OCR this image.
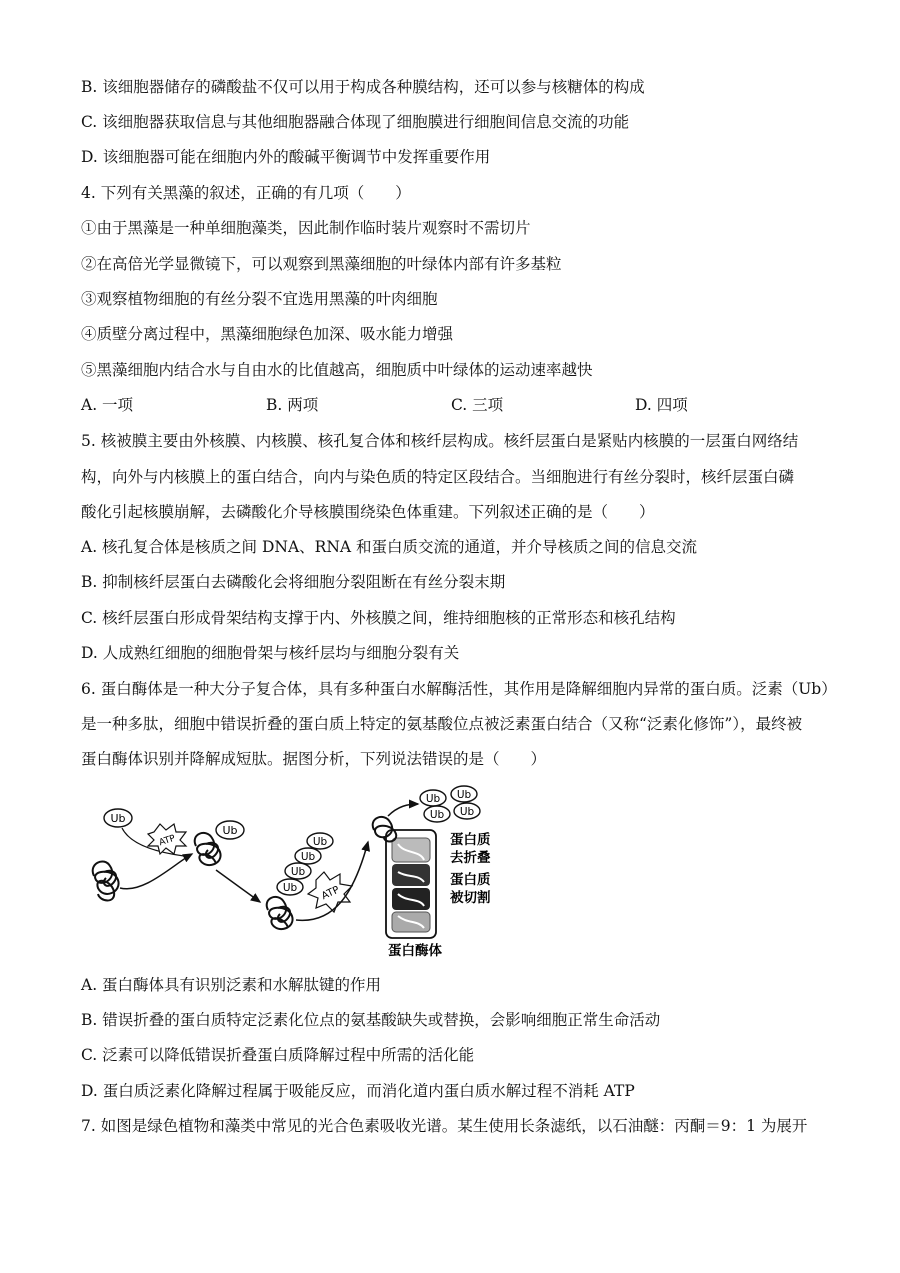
B. 该细胞器储存的磷酸盐不仅可以用于构成各种膜结构，还可以参与核糖体的构成
C. 该细胞器获取信息与其他细胞器融合体现了细胞膜进行细胞间信息交流的功能
D. 该细胞器可能在细胞内外的酸碱平衡调节中发挥重要作用
4. 下列有关黑藻的叙述，正确的有几项（　　）
①由于黑藻是一种单细胞藻类，因此制作临时装片观察时不需切片
②在高倍光学显微镜下，可以观察到黑藻细胞的叶绿体内部有许多基粒
③观察植物细胞的有丝分裂不宜选用黑藻的叶肉细胞
④质壁分离过程中，黑藻细胞绿色加深、吸水能力增强
⑤黑藻细胞内结合水与自由水的比值越高，细胞质中叶绿体的运动速率越快
A. 一项	B. 两项	C. 三项	D. 四项
5. 核被膜主要由外核膜、内核膜、核孔复合体和核纤层构成。核纤层蛋白是紧贴内核膜的一层蛋白网络结
构，向外与内核膜上的蛋白结合，向内与染色质的特定区段结合。当细胞进行有丝分裂时，核纤层蛋白磷
酸化引起核膜崩解，去磷酸化介导核膜围绕染色体重建。下列叙述正确的是（　　）
A. 核孔复合体是核质之间 DNA、RNA 和蛋白质交流的通道，并介导核质之间的信息交流
B. 抑制核纤层蛋白去磷酸化会将细胞分裂阻断在有丝分裂末期
C. 核纤层蛋白形成骨架结构支撑于内、外核膜之间，维持细胞核的正常形态和核孔结构
D. 人成熟红细胞的细胞骨架与核纤层均与细胞分裂有关
6. 蛋白酶体是一种大分子复合体，具有多种蛋白水解酶活性，其作用是降解细胞内异常的蛋白质。泛素（Ub）
是一种多肽，细胞中错误折叠的蛋白质上特定的氨基酸位点被泛素蛋白结合（又称“泛素化修饰”），最终被
蛋白酶体识别并降解成短肽。据图分析，下列说法错误的是（　　）
Ub
ATP
Ub
Ub
Ub
Ub
Ub
ATP
Ub Ub
Ub Ub
蛋白质
去折叠
蛋白质
被切割
蛋白酶体
A. 蛋白酶体具有识别泛素和水解肽键的作用
B. 错误折叠的蛋白质特定泛素化位点的氨基酸缺失或替换，会影响细胞正常生命活动
C. 泛素可以降低错误折叠蛋白质降解过程中所需的活化能
D. 蛋白质泛素化降解过程属于吸能反应，而消化道内蛋白质水解过程不消耗 ATP
7. 如图是绿色植物和藻类中常见的光合色素吸收光谱。某生使用长条滤纸，以石油醚：丙酮＝9：1 为展开
